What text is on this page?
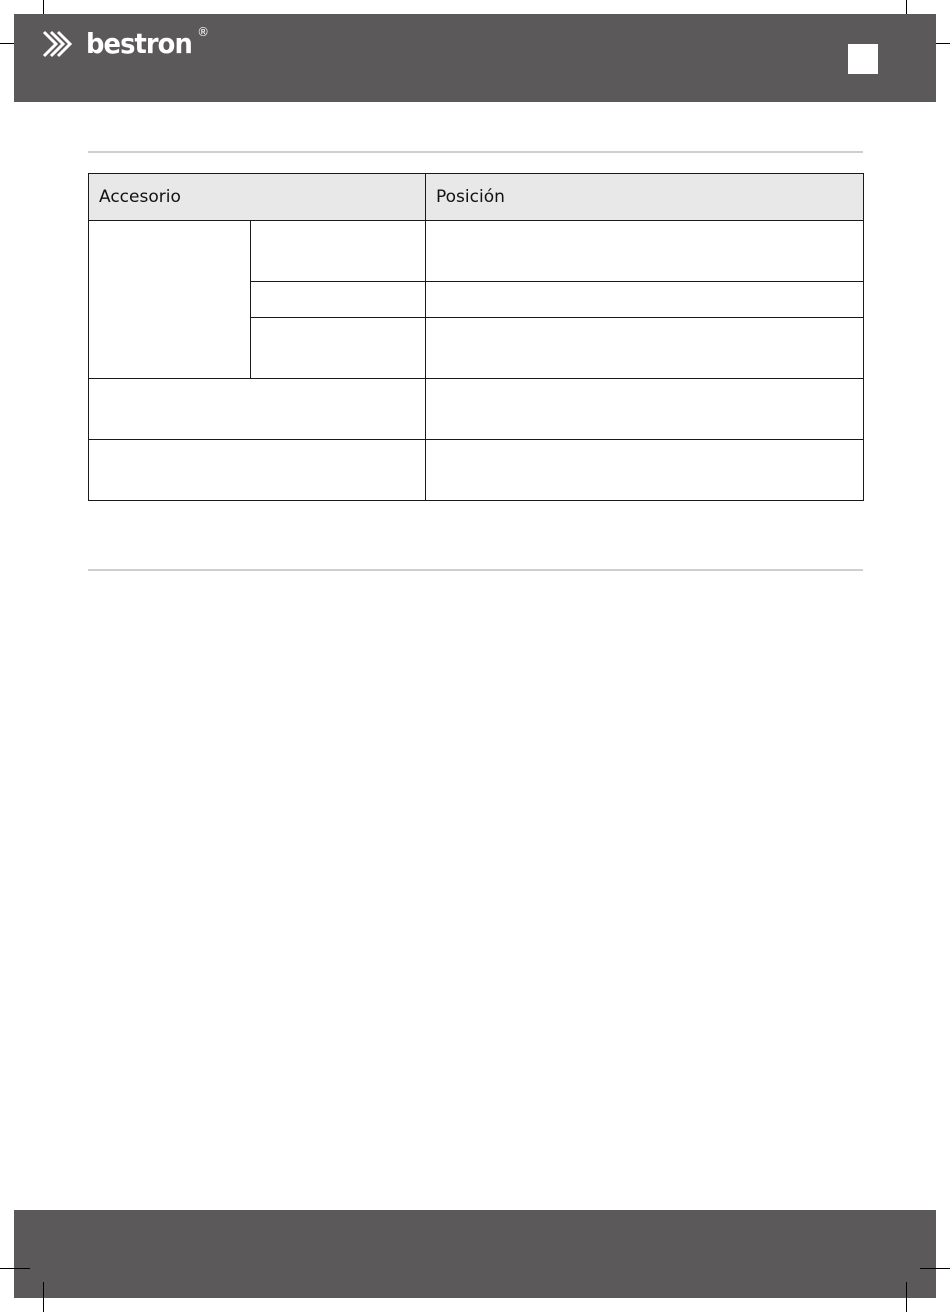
bestron ®
Accesorio		Posición
